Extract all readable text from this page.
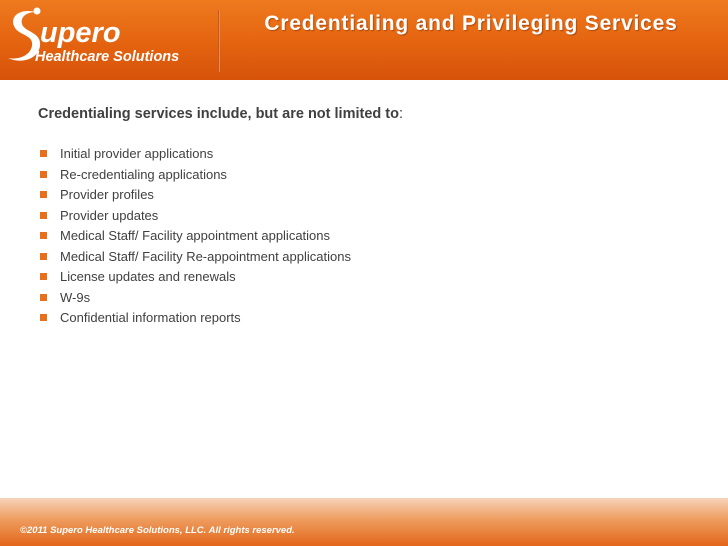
upero
Healthcare Solutions
Credentialing and Privileging Services

Credentialing services include, but are not limited to:

Initial provider applications
Re-credentialing applications
Provider profiles
Provider updates
Medical Staff/ Facility appointment applications
Medical Staff/ Facility Re-appointment applications
License updates and renewals
W-9s
Confidential information reports
©2011 Supero Healthcare Solutions, LLC. All rights reserved.
